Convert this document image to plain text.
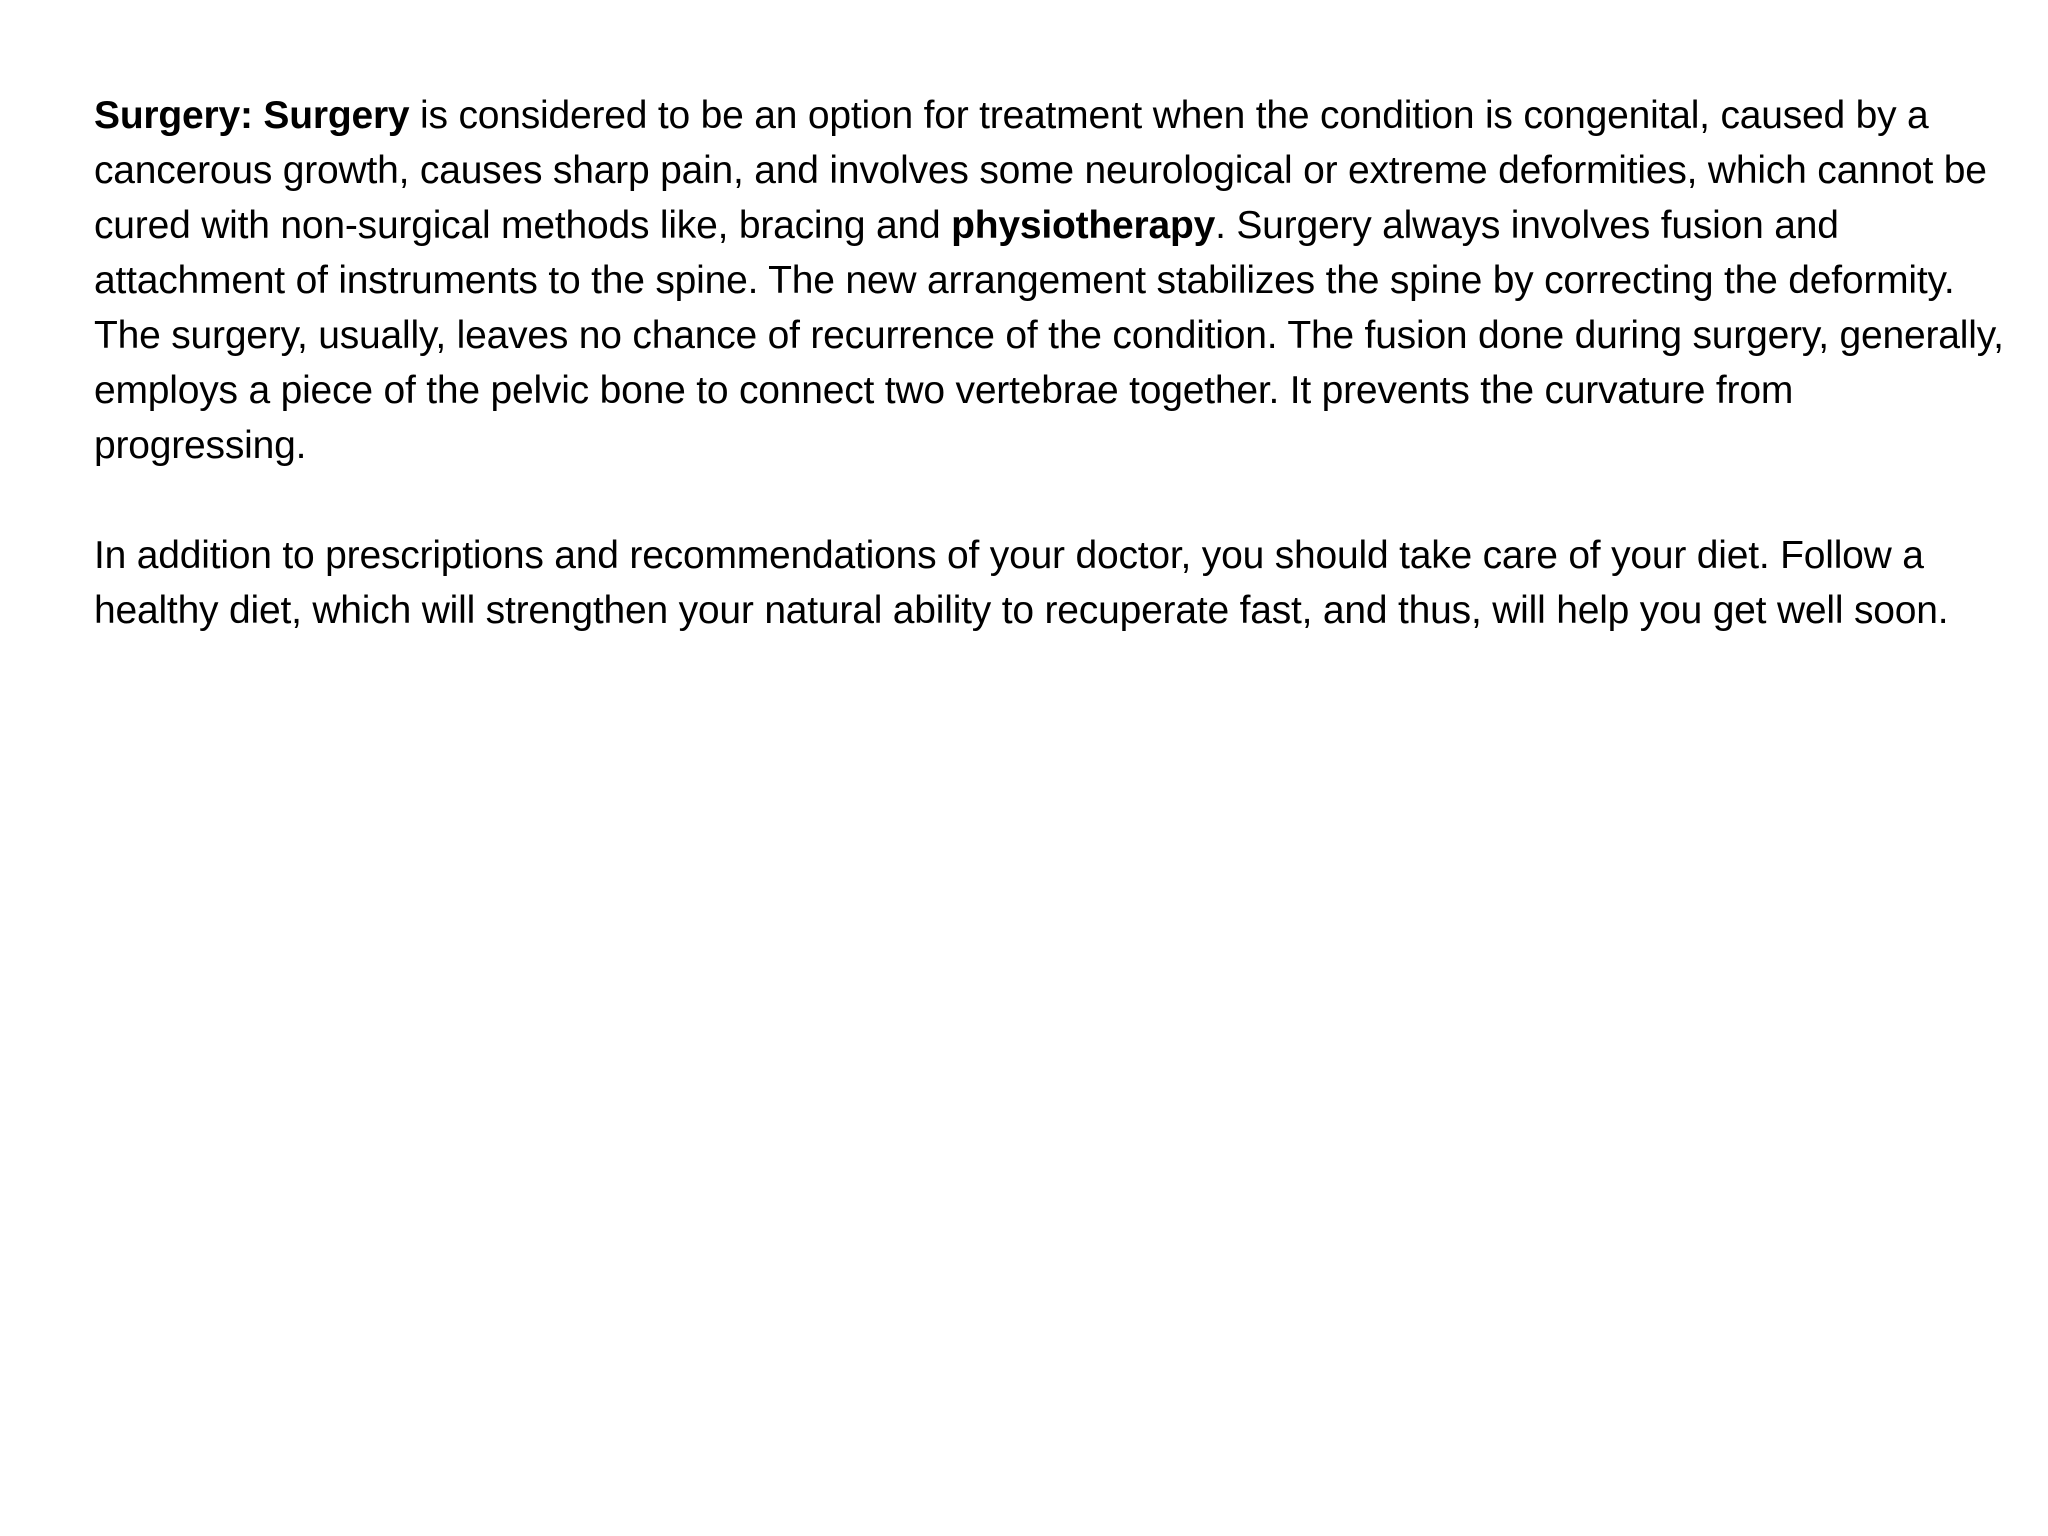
Surgery: Surgery is considered to be an option for treatment when the condition is congenital, caused by a cancerous growth, causes sharp pain, and involves some neurological or extreme deformities, which cannot be cured with non-surgical methods like, bracing and physiotherapy. Surgery always involves fusion and attachment of instruments to the spine. The new arrangement stabilizes the spine by correcting the deformity. The surgery, usually, leaves no chance of recurrence of the condition. The fusion done during surgery, generally, employs a piece of the pelvic bone to connect two vertebrae together. It prevents the curvature from progressing.

In addition to prescriptions and recommendations of your doctor, you should take care of your diet. Follow a healthy diet, which will strengthen your natural ability to recuperate fast, and thus, will help you get well soon.
